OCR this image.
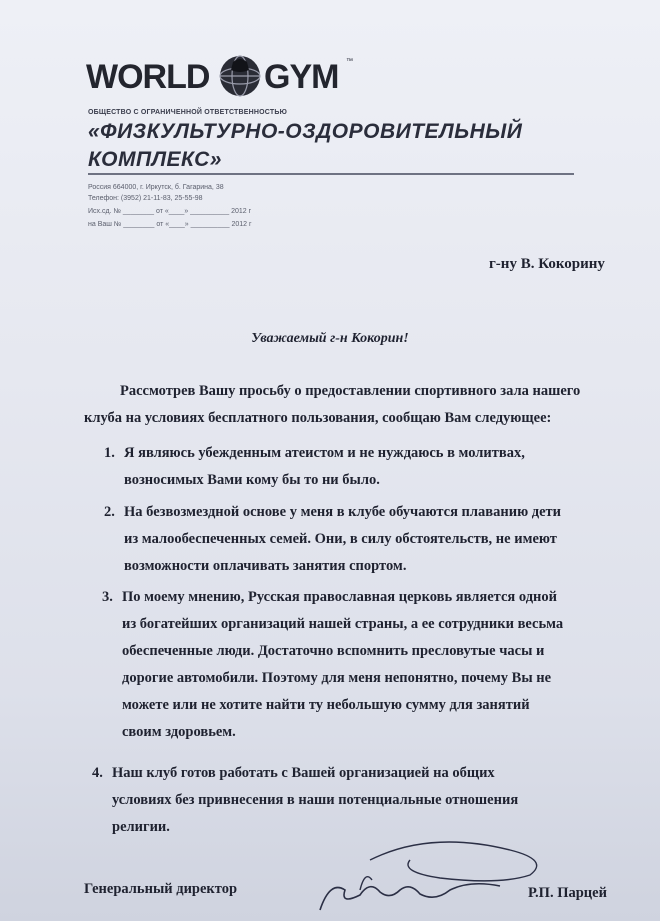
WORLD GYM ™
ОБЩЕСТВО С ОГРАНИЧЕННОЙ ОТВЕТСТВЕННОСТЬЮ
«ФИЗКУЛЬТУРНО-ОЗДОРОВИТЕЛЬНЫЙ
КОМПЛЕКС»
Россия 664000, г. Иркутск, б. Гагарина, 38
Телефон: (3952) 21-11-83, 25-55-98
Исх.сд. № ________ от «____» __________ 2012 г
на Ваш № ________ от «____» __________ 2012 г
г-ну В. Кокорину
Уважаемый г-н Кокорин!
Рассмотрев Вашу просьбу о предоставлении спортивного зала нашего
клуба на условиях бесплатного пользования, сообщаю Вам следующее:
1. Я являюсь убежденным атеистом и не нуждаюсь в молитвах,
возносимых Вами кому бы то ни было.
2. На безвозмездной основе у меня в клубе обучаются плаванию дети
из малообеспеченных семей. Они, в силу обстоятельств, не имеют
возможности оплачивать занятия спортом.
3. По моему мнению, Русская православная церковь является одной
из богатейших организаций нашей страны, а ее сотрудники весьма
обеспеченные люди. Достаточно вспомнить пресловутые часы и
дорогие автомобили. Поэтому для меня непонятно, почему Вы не
можете или не хотите найти ту небольшую сумму для занятий
своим здоровьем.
4. Наш клуб готов работать с Вашей организацией на общих
условиях без привнесения в наши потенциальные отношения
религии.
Генеральный директор	Р.П. Парцей
